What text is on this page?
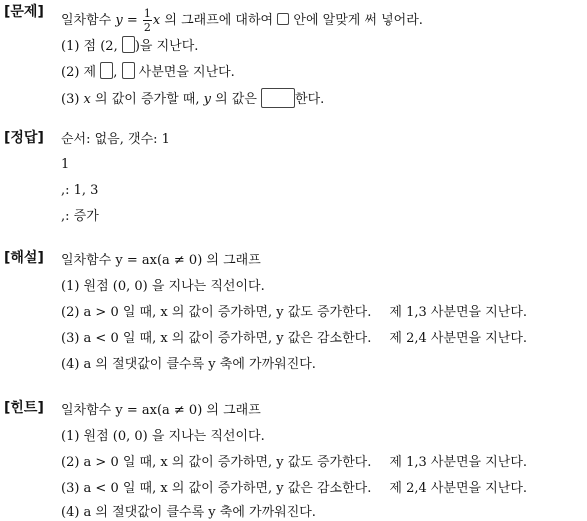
[문제]
일차함수 $y = \frac{1}{2}$ x 의 그래프에 대하여  안에 알맞게 써 넣어라.
(1) 점 (2, )을 지난다.
(2) 제 ,  사분면을 지난다.
(3) x 의 값이 증가할 때, y 의 값은	한다.
[정답] 순서: 없음, 갯수: 1
1
,: 1, 3
,: 증가
[해설] 일차함수 y = ax(a ≠ 0) 의 그래프
(1) 원점 (0, 0) 을 지나는 직선이다.
(2) a > 0 일 때, x 의 값이 증가하면, y 값도 증가한다. 제 1,3 사분면을 지난다.
(3) a < 0 일 때, x 의 값이 증가하면, y 값은 감소한다. 제 2,4 사분면을 지난다.
(4) a 의 절댓값이 클수록 y 축에 가까워진다.
[힌트] 일차함수 y = ax(a ≠ 0) 의 그래프
(1) 원점 (0, 0) 을 지나는 직선이다.
(2) a > 0 일 때, x 의 값이 증가하면, y 값도 증가한다. 제 1,3 사분면을 지난다.
(3) a < 0 일 때, x 의 값이 증가하면, y 값은 감소한다. 제 2,4 사분면을 지난다.
(4) a 의 절댓값이 클수록 y 축에 가까워진다.
